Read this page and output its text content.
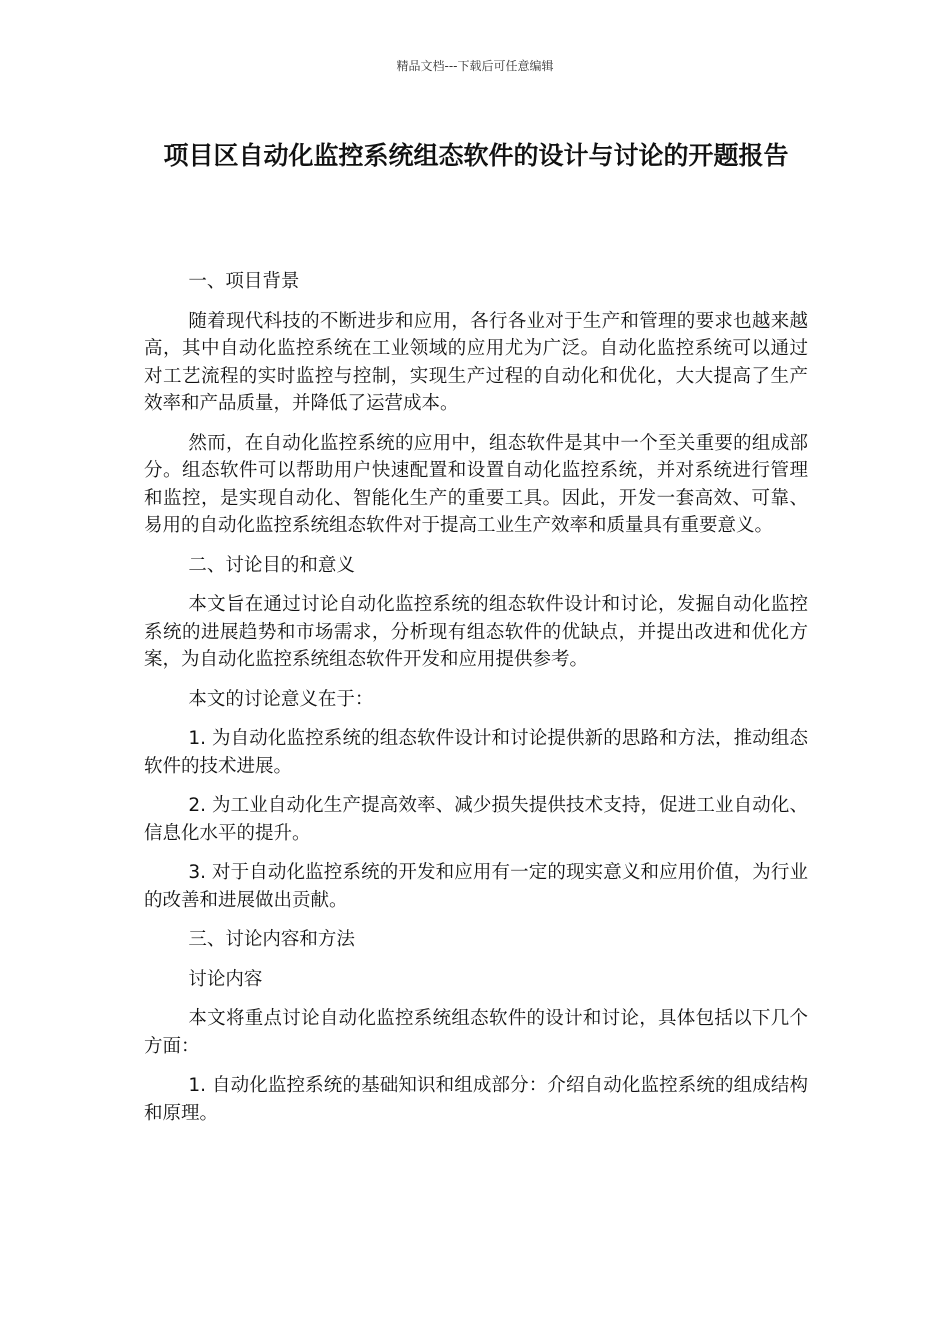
精品文档---下载后可任意编辑
项目区自动化监控系统组态软件的设计与讨论的开题报告

一、项目背景

随着现代科技的不断进步和应用，各行各业对于生产和管理的要求也越来越高，其中自动化监控系统在工业领域的应用尤为广泛。自动化监控系统可以通过对工艺流程的实时监控与控制，实现生产过程的自动化和优化，大大提高了生产效率和产品质量，并降低了运营成本。

然而，在自动化监控系统的应用中，组态软件是其中一个至关重要的组成部分。组态软件可以帮助用户快速配置和设置自动化监控系统，并对系统进行管理和监控，是实现自动化、智能化生产的重要工具。因此，开发一套高效、可靠、易用的自动化监控系统组态软件对于提高工业生产效率和质量具有重要意义。

二、讨论目的和意义

本文旨在通过讨论自动化监控系统的组态软件设计和讨论，发掘自动化监控系统的进展趋势和市场需求，分析现有组态软件的优缺点，并提出改进和优化方案，为自动化监控系统组态软件开发和应用提供参考。

本文的讨论意义在于：

1. 为自动化监控系统的组态软件设计和讨论提供新的思路和方法，推动组态软件的技术进展。

2. 为工业自动化生产提高效率、减少损失提供技术支持，促进工业自动化、信息化水平的提升。

3. 对于自动化监控系统的开发和应用有一定的现实意义和应用价值，为行业的改善和进展做出贡献。

三、讨论内容和方法

讨论内容

本文将重点讨论自动化监控系统组态软件的设计和讨论，具体包括以下几个方面：

1. 自动化监控系统的基础知识和组成部分：介绍自动化监控系统的组成结构和原理。
